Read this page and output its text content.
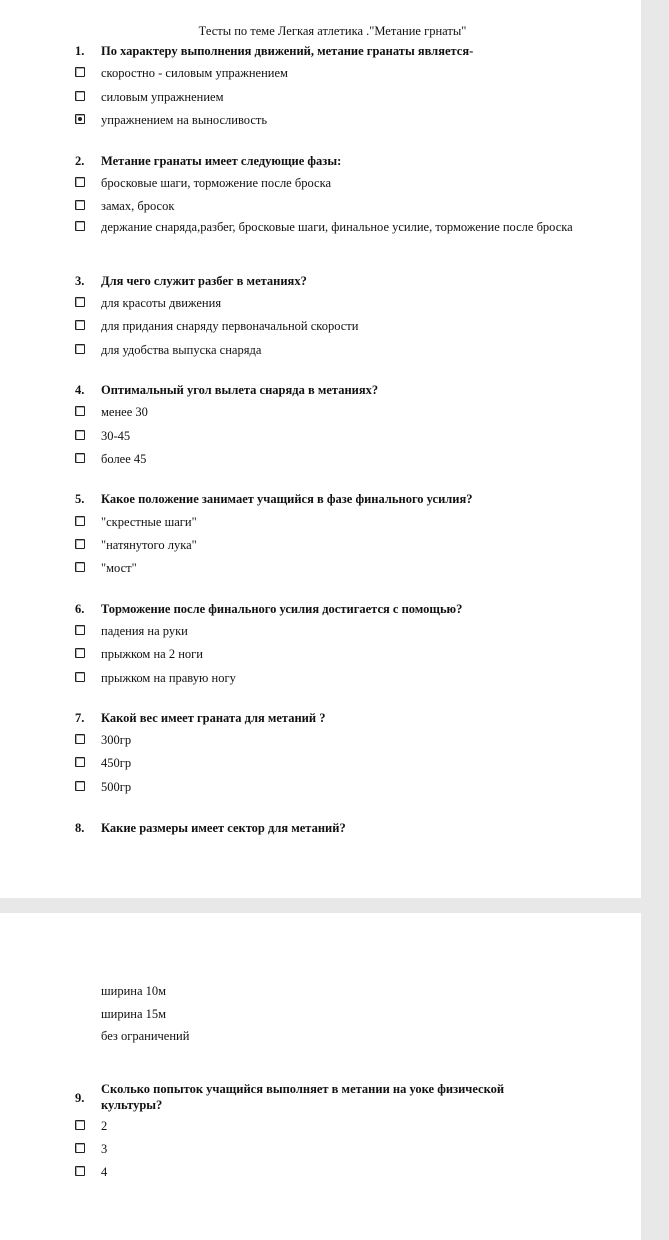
Тесты по теме Легкая атлетика ."Метание грнаты"
1. По характеру выполнения движений, метание гранаты является-
скоростно - силовым упражнением
силовым упражнением
упражнением на выносливость
2. Метание гранаты имеет следующие фазы:
бросковые шаги, торможение после броска
замах, бросок
держание снаряда,разбег, бросковые шаги, финальное усилие, торможение после броска
3. Для чего служит разбег в метаниях?
для красоты движения
для придания снаряду первоначальной скорости
для удобства выпуска снаряда
4. Оптимальный угол вылета снаряда в метаниях?
менее 30
30-45
более 45
5. Какое положение занимает учащийся в фазе финального усилия?
"скрестные шаги"
"натянутого лука"
"мост"
6. Торможение после финального усилия достигается с помощью?
падения на руки
прыжком на 2 ноги
прыжком на правую ногу
7. Какой вес имеет граната для метаний ?
300гр
450гр
500гр
8. Какие размеры имеет сектор для метаний?
ширина 10м
ширина 15м
без ограничений
9.Сколько попыток учащийся выполняет в метании на уоке физической культуры?
2
3
4
